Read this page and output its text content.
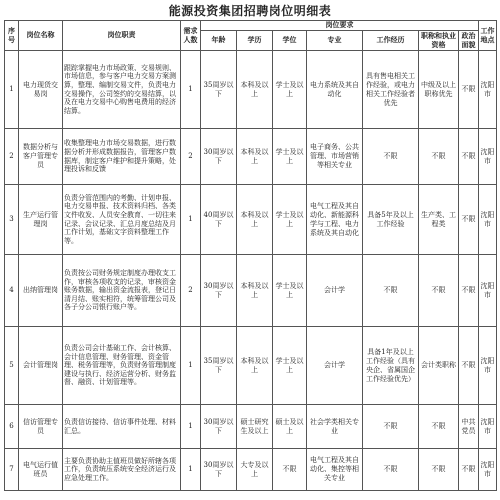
能源投资集团招聘岗位明细表
序号	岗位名称	岗位职责	需求人数	岗位要求							工作地点
				年龄	学历	学位	专业	工作经历	职称和执业资格	政治面貌	
1	电力现货交易岗	跟踪掌握电力市场政策、交易规则、市场信息，参与客户电力交易方案测算，整理、编制交易文件，负责电力交易操作，公司签约的交易结算，以及在电力交易中心购售电费用的经济结算。	1	35周岁以下	本科及以上	学士及以上	电力系统及其自动化	具有售电相关工作经验，或电力相关工作经验者优先	中级及以上职称优先	不限	沈阳市
2	数据分析与客户管理专员	收集整理电力市场交易数据，进行数据分析并形成数据报告，管理客户数据库，制定客户维护和提升策略，处理投诉和反馈	2	30周岁以下	本科及以上	学士及以上	电子商务、公共管理、市场营销等相关专业	不限	不限	不限	沈阳市
3	生产运行管理岗	负责分管范围内的考勤、计划申报、电力交易申报、技术资料归档、各类文件收发、人员安全教育、一切往来记录、会议记录、汇总月度总结及月工作计划，基础文字资料整理工作等。	1	40周岁以下	本科及以上	学士及以上	电气工程及其自动化、新能源科学与工程、电力系统及其自动化	具备5年及以上工作经验	生产类、工程类	不限	沈阳市
4	出纳管理岗	负责按公司财务规定制度办理收支工作，审核各项收支的记录，审核资金账务数据，输出资金流报表，登记日清月结、账实相符，统筹管理公司及各子分公司银行账户等。	2	30周岁以下	本科及以上	学士及以上	会计学	不限	不限	不限	沈阳市
5	会计管理岗	负责公司会计基础工作、会计核算、会计信息管理、财务管理、资金管理、税务管理等，负责财务管理制度建设与执行、经济运营分析、财务监督、融资、计划管理等。	1	35周岁以下	本科及以上	学士及以上	会计学	具备1年及以上工作经验（具有央企、省属国企工作经验优先）	会计类职称	不限	沈阳市
6	信访管理专员	负责信访接待、信访事件处理、材料汇总。	1	30周岁以下	硕士研究生及以上	硕士及以上	社会学类相关专业	不限	不限	中共党员	沈阳市
7	电气运行值班员	主要负责协助主值班员做好所辖各项工作，负责统压系统安全经济运行及应急处理工作。	1	30周岁以下	大专及以上	不限	电气工程及其自动化、集控等相关专业	不限	不限	不限	沈阳市
